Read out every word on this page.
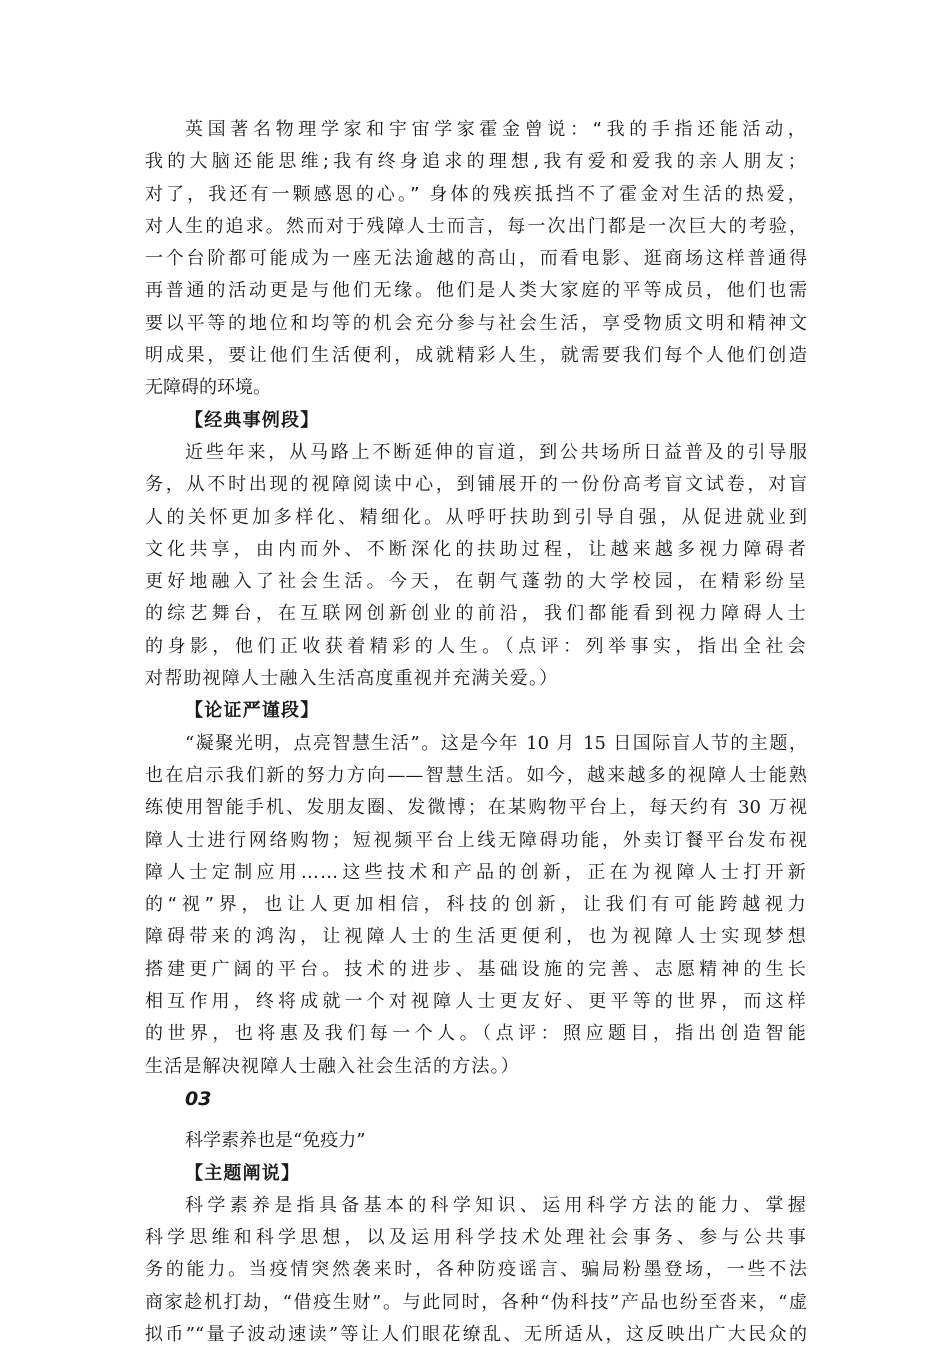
英国著名物理学家和宇宙学家霍金曾说：“我的手指还能活动，
我的大脑还能思维;我有终身追求的理想,我有爱和爱我的亲人朋友；
对了，我还有一颗感恩的心。” 身体的残疾抵挡不了霍金对生活的热爱，
对人生的追求。然而对于残障人士而言，每一次出门都是一次巨大的考验，
一个台阶都可能成为一座无法逾越的高山，而看电影、逛商场这样普通得
再普通的活动更是与他们无缘。他们是人类大家庭的平等成员，他们也需
要以平等的地位和均等的机会充分参与社会生活，享受物质文明和精神文
明成果，要让他们生活便利，成就精彩人生，就需要我们每个人他们创造
无障碍的环境。
【经典事例段】
近些年来，从马路上不断延伸的盲道，到公共场所日益普及的引导服
务，从不时出现的视障阅读中心，到铺展开的一份份高考盲文试卷，对盲
人的关怀更加多样化、精细化。从呼吁扶助到引导自强，从促进就业到
文化共享，由内而外、不断深化的扶助过程，让越来越多视力障碍者
更好地融入了社会生活。今天，在朝气蓬勃的大学校园，在精彩纷呈
的综艺舞台，在互联网创新创业的前沿，我们都能看到视力障碍人士
的身影，他们正收获着精彩的人生。（点评：列举事实，指出全社会
对帮助视障人士融入生活高度重视并充满关爱。）
【论证严谨段】
“凝聚光明，点亮智慧生活”。这是今年 10 月 15 日国际盲人节的主题，
也在启示我们新的努力方向——智慧生活。如今，越来越多的视障人士能熟
练使用智能手机、发朋友圈、发微博；在某购物平台上，每天约有 30 万视
障人士进行网络购物；短视频平台上线无障碍功能，外卖订餐平台发布视
障人士定制应用……这些技术和产品的创新，正在为视障人士打开新
的“视”界，也让人更加相信，科技的创新，让我们有可能跨越视力
障碍带来的鸿沟，让视障人士的生活更便利，也为视障人士实现梦想
搭建更广阔的平台。技术的进步、基础设施的完善、志愿精神的生长
相互作用，终将成就一个对视障人士更友好、更平等的世界，而这样
的世界，也将惠及我们每一个人。（点评：照应题目，指出创造智能
生活是解决视障人士融入社会生活的方法。）
03
科学素养也是“免疫力”
【主题阐说】
科学素养是指具备基本的科学知识、运用科学方法的能力、掌握
科学思维和科学思想，以及运用科学技术处理社会事务、参与公共事
务的能力。当疫情突然袭来时，各种防疫谣言、骗局粉墨登场，一些不法
商家趁机打劫，“借疫生财”。与此同时，各种“伪科技”产品也纷至沓来，“虚
拟币”“量子波动速读”等让人们眼花缭乱、无所适从，这反映出广大民众的
